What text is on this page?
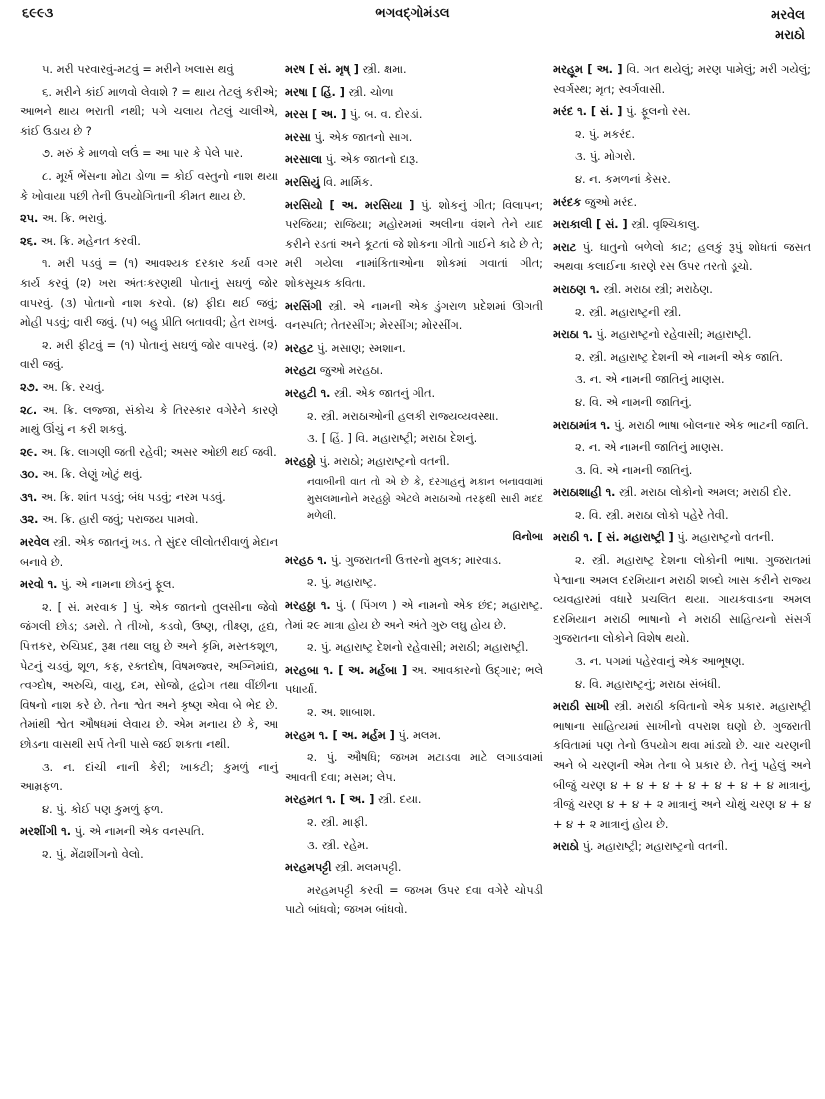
૬૯૯૩	ભગવદ્ગોમંડલ	મરવેલ
મરાઠો

૫. મરી પરવારવું-મટવું = મરીને ખલાસ થવું

૬. મરીને કાંઈ માળવો લેવાશે ? = થાય તેટલું કરીએ; આભને થાય ભરાતી નથી; પગે ચલાય તેટલું ચાલીએ, કાંઈ ઉડાય છે ?

૭. મરું કે માળવો લઉં = આ પાર કે પેલે પાર.

૮. મૂર્ખ ભેંસના મોટા ડોળા = કોઈ વસ્તુનો નાશ થયા કે ખોવાયા પછી તેની ઉપયોગિતાની કીમત થાય છે.

૨૫. અ. ક્રિ. ભરાવું.

૨૬. અ. ક્રિ. મહેનત કરવી.

૧. મરી પડવું = (૧) આવશ્યક દરકાર કર્યા વગર કાર્ય કરવું (૨) ખરા અંતઃકરણથી પોતાનું સઘળું જોર વાપરવું. (૩) પોતાનો નાશ કરવો. (૪) ફીદા થઈ જવું; મોહી પડવું; વારી જવું. (૫) બહુ પ્રીતિ બતાવવી; હેત રાખવું.

૨. મરી ફીટવું = (૧) પોતાનું સઘળું જોર વાપરવું. (૨) વારી જવું.

૨૭. અ. ક્રિ. રચવું.

૨૮. અ. ક્રિ. લજ્જા, સંકોચ કે તિરસ્કાર વગેરેને કારણે માથું ઊંચું ન કરી શકવું.

૨૯. અ. ક્રિ. લાગણી જતી રહેવી; અસર ઓછી થઈ જવી.

૩૦. અ. ક્રિ. લેણું ખોટું થવું.

૩૧. અ. ક્રિ. શાંત પડવું; બંધ પડવું; નરમ પડવું.

૩૨. અ. ક્રિ. હારી જવું; પરાજય પામવો.

મરવેલ સ્ત્રી. એક જાતનું ખડ. તે સુંદર લીલોતરીવાળું મેદાન બનાવે છે.

મરવો ૧. પું. એ નામના છોડનું ફૂલ.

૨. [ સં. મરવાક ] પું. એક જાતનો તુલસીના જેવો જંગલી છોડ; ડમરો. તે તીખો, કડવો, ઉષ્ણ, તીક્ષ્ણ, હૃદ્ય, પિત્તકર, રુચિપ્રદ, રૂક્ષ તથા લઘુ છે અને કૃમિ, મસ્તકશૂળ, પેટનું ચડવું, શૂળ, કફ, રક્તદોષ, વિષમજ્વર, અગ્નિમાંદ્ય, ત્વગ્દોષ, અરુચિ, વાયુ, દમ, સોજો, હૃદ્રોગ તથા વીંછીના વિષનો નાશ કરે છે. તેના શ્વેત અને કૃષ્ણ એવા બે ભેદ છે. તેમાંથી શ્વેત ઔષધમાં લેવાય છે. એમ મનાય છે કે, આ છોડના વાસથી સર્પ તેની પાસે જઈ શકતા નથી.

૩. ન. દાંચી નાની કેરી; ખાકટી; કુમળું નાનું આમ્રફળ.

૪. પું. કોઈ પણ કુમળું ફળ.

મરશીંગી ૧. પું. એ નામની એક વનસ્પતિ.

૨. પું. મેંઢાશીંગનો વેલો.

મરષ [ સં. મૃષ્ ] સ્ત્રી. ક્ષમા.

મરષા [ હિં. ] સ્ત્રી. ચોળા

મરસ [ અ. ] પું. બ. વ. દોરડાં.

મરસા પું. એક જાતનો સાગ.

મરસાલા પું. એક જાતનો દારૂ.

મરસિયું વિ. માર્મિક.

મરસિયો [ અ. મરસિયા ] પું. શોકનું ગીત; વિલાપન; પરજિયા; રાજિયા; મહોરમમાં અલીના વંશને તેને યાદ કરીને રડતાં અને કૂટતાં જે શોકના ગીતો ગાઈને કાઢે છે તે; મરી ગયેલા નામાંકિતાઓના શોકમાં ગવાતાં ગીત; શોકસૂચક કવિતા.

મરસિંગી સ્ત્રી. એ નામની એક ડુંગરાળ પ્રદેશમાં ઊગતી વનસ્પતિ; તેતરસીંગ; મેરસીંગ; મોરસીંગ.

મરહટ પું. મસાણ; સ્મશાન.

મરહટા જુઓ મરહઠા.

મરહટી ૧. સ્ત્રી. એક જાતનું ગીત.

૨. સ્ત્રી. મરાઠાઓની હલકી રાજ્યવ્યવસ્થા.

૩. [ હિં. ] વિ. મહારાષ્ટ્રી; મરાઠા દેશનું.

મરહઠ્ઠો પું. મરાઠો; મહારાષ્ટ્રનો વતની.

નવાબીની વાત તો એ છે કે, દરગાહનું મકાન બનાવવામાં મુસલમાનોને મરહઠ્ઠો એટલે મરાઠાઓ તરફથી સારી મદદ મળેલી.

વિનોબા

મરહઠ ૧. પું. ગુજરાતની ઉત્તરનો મુલક; મારવાડ.

૨. પું. મહારાષ્ટ્ર.

મરહઠ્ઠા ૧. પું. ( પિંગળ ) એ નામનો એક છંદ; મહારાષ્ટ્ર. તેમાં ૨૯ માત્રા હોય છે અને અંતે ગુરુ લઘુ હોય છે.

૨. પું. મહારાષ્ટ્ર દેશનો રહેવાસી; મરાઠી; મહારાષ્ટ્રી.

મરહબા ૧. [ અ. મર્હબા ] અ. આવકારનો ઉદ્ગાર; ભલે પધાર્યા.

૨. અ. શાબાશ.

મરહમ ૧. [ અ. મર્હમ ] પું. મલમ.

૨. પું. ઔષધિ; જખમ મટાડવા માટે લગાડવામાં આવતી દવા; મસમ; લેપ.

મરહમત ૧. [ અ. ] સ્ત્રી. દયા.

૨. સ્ત્રી. માફી.

૩. સ્ત્રી. રહેમ.

મરહમપટ્ટી સ્ત્રી. મલમપટ્ટી.

મરહમપટ્ટી કરવી = જખમ ઉપર દવા વગેરે ચોપડી પાટો બાંધવો; જખમ બાંધવો.

મરહૂમ [ અ. ] વિ. ગત થયેલું; મરણ પામેલું; મરી ગયેલું; સ્વર્ગસ્થ; મૃત; સ્વર્ગવાસી.

મરંદ ૧. [ સં. ] પું. ફૂલનો રસ.

૨. પું. મકરંદ.

૩. પું. મોગરો.

૪. ન. કમળનાં કેસર.

મરંદક જુઓ મરંદ.

મરાકાલી [ સં. ] સ્ત્રી. વૃશ્ચિકાલુ.

મરાટ પું. ધાતુનો બળેલો કાટ; હલકું રૂપું શોધતાં જસત અથવા કલાઈના કારણે રસ ઉપર તરતો ડૂચો.

મરાઠણ ૧. સ્ત્રી. મરાઠા સ્ત્રી; મરાઠેણ.

૨. સ્ત્રી. મહારાષ્ટ્રની સ્ત્રી.

મરાઠા ૧. પું. મહારાષ્ટ્રનો રહેવાસી; મહારાષ્ટ્રી.

૨. સ્ત્રી. મહારાષ્ટ્ર દેશની એ નામની એક જાતિ.

૩. ન. એ નામની જાતિનું માણસ.

૪. વિ. એ નામની જાતિનું.

મરાઠામાંત્ર ૧. પું. મરાઠી ભાષા બોલનાર એક ભાટની જાતિ.

૨. ન. એ નામની જાતિનું માણસ.

૩. વિ. એ નામની જાતિનું.

મરાઠાશાહી ૧. સ્ત્રી. મરાઠા લોકોનો અમલ; મરાઠી દોર.

૨. વિ. સ્ત્રી. મરાઠા લોકો પહેરે તેવી.

મરાઠી ૧. [ સં. મહારાષ્ટ્રી ] પું. મહારાષ્ટ્રનો વતની.

૨. સ્ત્રી. મહારાષ્ટ્ર દેશના લોકોની ભાષા. ગુજરાતમાં પેશ્વાના અમલ દરમિયાન મરાઠી શબ્દો ખાસ કરીને રાજ્ય વ્યવહારમાં વધારે પ્રચલિત થયા. ગાયકવાડના અમલ દરમિયાન મરાઠી ભાષાનો ને મરાઠી સાહિત્યનો સંસર્ગ ગુજરાતના લોકોને વિશેષ થયો.

૩. ન. પગમાં પહેરવાનું એક આભૂષણ.

૪. વિ. મહારાષ્ટ્રનું; મરાઠા સંબંધી.

મરાઠી સાખી સ્ત્રી. મરાઠી કવિતાનો એક પ્રકાર. મહારાષ્ટ્રી ભાષાના સાહિત્યમાં સાખીનો વપરાશ ઘણો છે. ગુજરાતી કવિતામાં પણ તેનો ઉપયોગ થવા માંડ્યો છે. ચાર ચરણની અને બે ચરણની એમ તેના બે પ્રકાર છે. તેનું પહેલું અને બીજું ચરણ ૪ + ૪ + ૪ + ૪ + ૪ + ૪ + ૪ માત્રાનું, ત્રીજું ચરણ ૪ + ૪ + ૨ માત્રાનું અને ચોથું ચરણ ૪ + ૪ + ૪ + ૨ માત્રાનું હોય છે.

મરાઠો પું. મહારાષ્ટ્રી; મહારાષ્ટ્રનો વતની.
